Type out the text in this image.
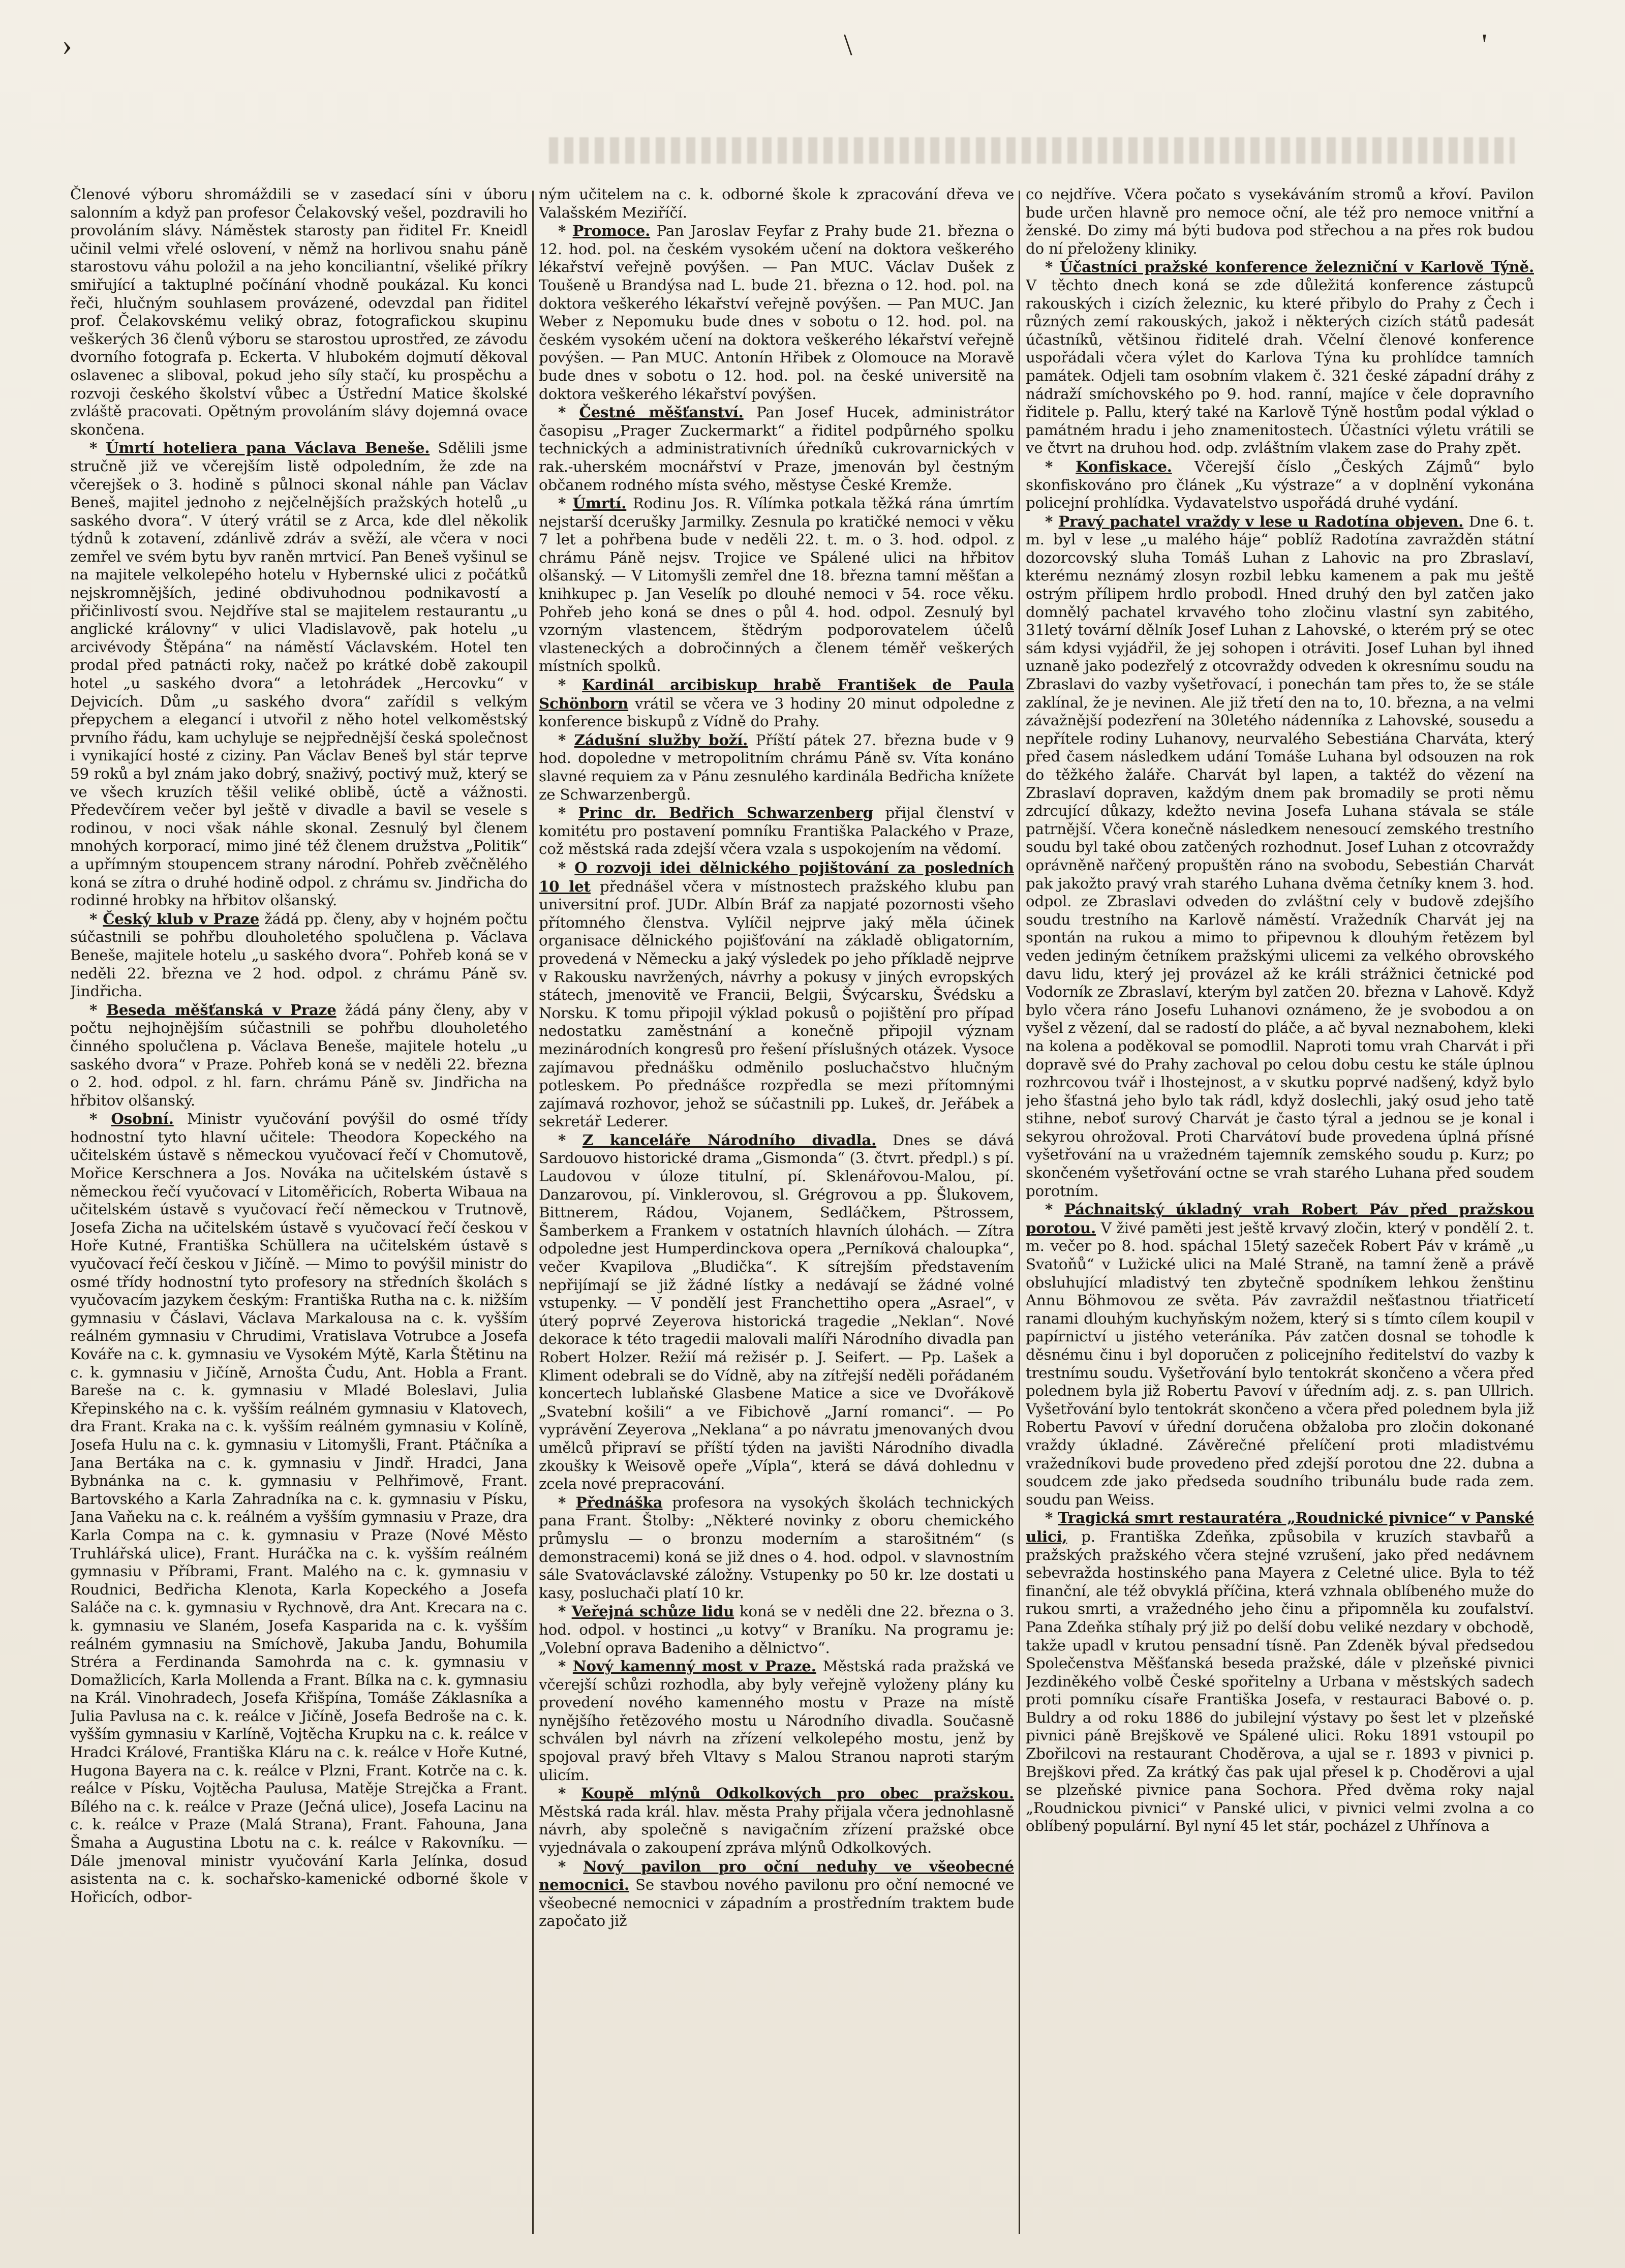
›	\	'

Členové výboru shromáždili se v zasedací síni v úboru salonním a když pan profesor Čelakovský vešel, pozdravili ho provoláním slávy. Náměstek starosty pan řiditel Fr. Kneidl učinil velmi vřelé oslovení, v němž na horlivou snahu páně starostovu váhu položil a na jeho konciliantní, všeliké příkry smiřující a taktuplné počínání vhodně poukázal. Ku konci řeči, hlučným souhlasem provázené, odevzdal pan řiditel prof. Čelakovskému veliký obraz, fotografickou skupinu veškerých 36 členů výboru se starostou uprostřed, ze závodu dvorního fotografa p. Eckerta. V hlubokém dojmutí děkoval oslavenec a sliboval, pokud jeho síly stačí, ku prospěchu a rozvoji českého školství vůbec a Ústřední Matice školské zvláště pracovati. Opětným provoláním slávy dojemná ovace skončena.

* Úmrtí hoteliera pana Václava Beneše. Sdělili jsme stručně již ve včerejším listě odpoledním, že zde na včerejšek o 3. hodině s půlnoci skonal náhle pan Václav Beneš, majitel jednoho z nejčelnějších pražských hotelů „u saského dvora“. V úterý vrátil se z Arca, kde dlel několik týdnů k zotavení, zdánlivě zdráv a svěží, ale včera v noci zemřel ve svém bytu byv raněn mrtvicí. Pan Beneš vyšinul se na majitele velkolepého hotelu v Hybernské ulici z počátků nejskromnějších, jediné obdivuhodnou podnikavostí a přičinlivostí svou. Nejdříve stal se majitelem restaurantu „u anglické královny“ v ulici Vladislavově, pak hotelu „u arcivévody Štěpána“ na náměstí Václavském. Hotel ten prodal před patnácti roky, načež po krátké době zakoupil hotel „u saského dvora“ a letohrádek „Hercovku“ v Dejvicích. Dům „u saského dvora“ zařídil s velkým přepychem a elegancí i utvořil z něho hotel velkoměstský prvního řádu, kam uchyluje se nejpřednější česká společnost i vynikající hosté z ciziny. Pan Václav Beneš byl stár teprve 59 roků a byl znám jako dobrý, snaživý, poctivý muž, který se ve všech kruzích těšil veliké oblibě, úctě a vážnosti. Předevčírem večer byl ještě v divadle a bavil se vesele s rodinou, v noci však náhle skonal. Zesnulý byl členem mnohých korporací, mimo jiné též členem družstva „Politik“ a upřímným stoupencem strany národní. Pohřeb zvěčnělého koná se zítra o druhé hodině odpol. z chrámu sv. Jindřicha do rodinné hrobky na hřbitov olšanský.

* Český klub v Praze žádá pp. členy, aby v hojném počtu súčastnili se pohřbu dlouholetého spolučlena p. Václava Beneše, majitele hotelu „u saského dvora“. Pohřeb koná se v neděli 22. března ve 2 hod. odpol. z chrámu Páně sv. Jindřicha.

* Beseda měšťanská v Praze žádá pány členy, aby v počtu nejhojnějším súčastnili se pohřbu dlouholetého činného spolučlena p. Václava Beneše, majitele hotelu „u saského dvora“ v Praze. Pohřeb koná se v neděli 22. března o 2. hod. odpol. z hl. farn. chrámu Páně sv. Jindřicha na hřbitov olšanský.

* Osobní. Ministr vyučování povýšil do osmé třídy hodnostní tyto hlavní učitele: Theodora Kopeckého na učitelském ústavě s německou vyučovací řečí v Chomutově, Mořice Kerschnera a Jos. Nováka na učitelském ústavě s německou řečí vyučovací v Litoměřicích, Roberta Wibaua na učitelském ústavě s vyučovací řečí německou v Trutnově, Josefa Zicha na učitelském ústavě s vyučovací řečí českou v Hoře Kutné, Františka Schüllera na učitelském ústavě s vyučovací řečí českou v Jičíně. — Mimo to povýšil ministr do osmé třídy hodnostní tyto profesory na středních školách s vyučovacím jazykem českým: Františka Rutha na c. k. nižším gymnasiu v Čáslavi, Václava Markalousa na c. k. vyšším reálném gymnasiu v Chrudimi, Vratislava Votrubce a Josefa Kováře na c. k. gymnasiu ve Vysokém Mýtě, Karla Štětinu na c. k. gymnasiu v Jičíně, Arnošta Čudu, Ant. Hobla a Frant. Bareše na c. k. gymnasiu v Mladé Boleslavi, Julia Křepinského na c. k. vyšším reálném gymnasiu v Klatovech, dra Frant. Kraka na c. k. vyšším reálném gymnasiu v Kolíně, Josefa Hulu na c. k. gymnasiu v Litomyšli, Frant. Ptáčníka a Jana Bertáka na c. k. gymnasiu v Jindř. Hradci, Jana Bybnánka na c. k. gymnasiu v Pelhřimově, Frant. Bartovského a Karla Zahradníka na c. k. gymnasiu v Písku, Jana Vaňeku na c. k. reálném a vyšším gymnasiu v Praze, dra Karla Compa na c. k. gymnasiu v Praze (Nové Město Truhlářská ulice), Frant. Huráčka na c. k. vyšším reálném gymnasiu v Příbrami, Frant. Malého na c. k. gymnasiu v Roudnici, Bedřicha Klenota, Karla Kopeckého a Josefa Saláče na c. k. gymnasiu v Rychnově, dra Ant. Krecara na c. k. gymnasiu ve Slaném, Josefa Kasparida na c. k. vyšším reálném gymnasiu na Smíchově, Jakuba Jandu, Bohumila Stréra a Ferdinanda Samohrda na c. k. gymnasiu v Domažlicích, Karla Mollenda a Frant. Bílka na c. k. gymnasiu na Král. Vinohradech, Josefa Křišpína, Tomáše Záklasníka a Julia Pavlusa na c. k. reálce v Jičíně, Josefa Bedroše na c. k. vyšším gymnasiu v Karlíně, Vojtěcha Krupku na c. k. reálce v Hradci Králové, Františka Kláru na c. k. reálce v Hoře Kutné, Hugona Bayera na c. k. reálce v Plzni, Frant. Kotrče na c. k. reálce v Písku, Vojtěcha Paulusa, Matěje Strejčka a Frant. Bílého na c. k. reálce v Praze (Ječná ulice), Josefa Lacinu na c. k. reálce v Praze (Malá Strana), Frant. Fahouna, Jana Šmaha a Augustina Lbotu na c. k. reálce v Rakovníku. — Dále jmenoval ministr vyučování Karla Jelínka, dosud asistenta na c. k. sochařsko-kamenické odborné škole v Hořicích, odbor-

ným učitelem na c. k. odborné škole k zpracování dřeva ve Valašském Meziříčí.

* Promoce. Pan Jaroslav Feyfar z Prahy bude 21. března o 12. hod. pol. na českém vysokém učení na doktora veškerého lékařství veřejně povýšen. — Pan MUC. Václav Dušek z Toušeně u Brandýsa nad L. bude 21. března o 12. hod. pol. na doktora veškerého lékařství veřejně povýšen. — Pan MUC. Jan Weber z Nepomuku bude dnes v sobotu o 12. hod. pol. na českém vysokém učení na doktora veškerého lékařství veřejně povýšen. — Pan MUC. Antonín Hřibek z Olomouce na Moravě bude dnes v sobotu o 12. hod. pol. na české universitě na doktora veškerého lékařství povýšen.

* Čestné měšťanství. Pan Josef Hucek, administrátor časopisu „Prager Zuckermarkt“ a řiditel podpůrného spolku technických a administrativních úředníků cukrovarnických v rak.-uherském mocnářství v Praze, jmenován byl čestným občanem rodného místa svého, městyse České Kremže.

* Úmrtí. Rodinu Jos. R. Vílímka potkala těžká rána úmrtím nejstarší dcerušky Jarmilky. Zesnula po kratičké nemoci v věku 7 let a pohřbena bude v neděli 22. t. m. o 3. hod. odpol. z chrámu Páně nejsv. Trojice ve Spálené ulici na hřbitov olšanský. — V Litomyšli zemřel dne 18. března tamní měšťan a knihkupec p. Jan Veselík po dlouhé nemoci v 54. roce věku. Pohřeb jeho koná se dnes o půl 4. hod. odpol. Zesnulý byl vzorným vlastencem, štědrým podporovatelem účelů vlasteneckých a dobročinných a členem téměř veškerých místních spolků.

* Kardinál arcibiskup hrabě František de Paula Schönborn vrátil se včera ve 3 hodiny 20 minut odpoledne z konference biskupů z Vídně do Prahy.

* Zádušní služby boží. Příští pátek 27. března bude v 9 hod. dopoledne v metropolitním chrámu Páně sv. Víta konáno slavné requiem za v Pánu zesnulého kardinála Bedřicha knížete ze Schwarzenbergů.

* Princ dr. Bedřich Schwarzenberg přijal členství v komitétu pro postavení pomníku Františka Palackého v Praze, což městská rada zdejší včera vzala s uspokojením na vědomí.

* O rozvoji idei dělnického pojištování za posledních 10 let přednášel včera v místnostech pražského klubu pan universitní prof. JUDr. Albín Bráf za napjaté pozornosti všeho přítomného členstva. Vylíčil nejprve jaký měla účinek organisace dělnického pojišťování na základě obligatorním, provedená v Německu a jaký výsledek po jeho příkladě nejprve v Rakousku navržených, návrhy a pokusy v jiných evropských státech, jmenovitě ve Francii, Belgii, Švýcarsku, Švédsku a Norsku. K tomu připojil výklad pokusů o pojištění pro případ nedostatku zaměstnání a konečně připojil význam mezinárodních kongresů pro řešení příslušných otázek. Vysoce zajímavou přednášku odměnilo posluchačstvo hlučným potleskem. Po přednášce rozpředla se mezi přítomnými zajímavá rozhovor, jehož se súčastnili pp. Lukeš, dr. Jeřábek a sekretář Lederer.

* Z kanceláře Národního divadla. Dnes se dává Sardouovo historické drama „Gismonda“ (3. čtvrt. předpl.) s pí. Laudovou v úloze titulní, pí. Sklenářovou-Malou, pí. Danzarovou, pí. Vinklerovou, sl. Grégrovou a pp. Šlukovem, Bittnerem, Rádou, Vojanem, Sedláčkem, Pštrossem, Šamberkem a Frankem v ostatních hlavních úlohách. — Zítra odpoledne jest Humperdinckova opera „Perníková chaloupka“, večer Kvapilova „Bludička“. K sítrejším představením nepřijímají se již žádné lístky a nedávají se žádné volné vstupenky. — V pondělí jest Franchettiho opera „Asrael“, v úterý poprvé Zeyerova historická tragedie „Neklan“. Nové dekorace k této tragedii malovali malíři Národního divadla pan Robert Holzer. Režií má režisér p. J. Seifert. — Pp. Lašek a Kliment odebrali se do Vídně, aby na zítřejší neděli pořádaném koncertech lublaňské Glasbene Matice a sice ve Dvořákově „Svatební košili“ a ve Fibichově „Jarní romanci“. — Po vyprávění Zeyerova „Neklana“ a po návratu jmenovaných dvou umělců připraví se příští týden na javišti Národního divadla zkoušky k Weisově opeře „Vípla“, která se dává dohlednu v zcela nové prepracování.

* Přednáška profesora na vysokých školách technických pana Frant. Štolby: „Některé novinky z oboru chemického průmyslu — o bronzu moderním a starošitném“ (s demonstracemi) koná se již dnes o 4. hod. odpol. v slavnostním sále Svatováclavské záložny. Vstupenky po 50 kr. lze dostati u kasy, posluchači platí 10 kr.

* Veřejná schůze lidu koná se v neděli dne 22. března o 3. hod. odpol. v hostinci „u kotvy“ v Braníku. Na programu je: „Volební oprava Badeniho a dělnictvo“.

* Nový kamenný most v Praze. Městská rada pražská ve včerejší schůzi rozhodla, aby byly veřejně vyloženy plány ku provedení nového kamenného mostu v Praze na místě nynějšího řetězového mostu u Národního divadla. Současně schválen byl návrh na zřízení velkolepého mostu, jenž by spojoval pravý břeh Vltavy s Malou Stranou naproti starým ulicím.

* Koupě mlýnů Odkolkových pro obec pražskou. Městská rada král. hlav. města Prahy přijala včera jednohlasně návrh, aby společně s navigačním zřízení pražské obce vyjednávala o zakoupení zpráva mlýnů Odkolkových.

* Nový pavilon pro oční neduhy ve všeobecné nemocnici. Se stavbou nového pavilonu pro oční nemocné ve všeobecné nemocnici v západním a prostředním traktem bude započato již

co nejdříve. Včera počato s vysekáváním stromů a křoví. Pavilon bude určen hlavně pro nemoce oční, ale též pro nemoce vnitřní a ženské. Do zimy má býti budova pod střechou a na přes rok budou do ní přeloženy kliniky.

* Účastníci pražské konference železniční v Karlově Týně. V těchto dnech koná se zde důležitá konference zástupců rakouských i cizích železnic, ku které přibylo do Prahy z Čech i různých zemí rakouských, jakož i některých cizích států padesát účastníků, většinou řiditelé drah. Včelní členové konference uspořádali včera výlet do Karlova Týna ku prohlídce tamních památek. Odjeli tam osobním vlakem č. 321 české západní dráhy z nádraží smíchovského po 9. hod. ranní, majíce v čele dopravního řiditele p. Pallu, který také na Karlově Týně hostům podal výklad o památném hradu i jeho znamenitostech. Účastníci výletu vrátili se ve čtvrt na druhou hod. odp. zvláštním vlakem zase do Prahy zpět.

* Konfiskace. Včerejší číslo „Českých Zájmů“ bylo skonfiskováno pro článek „Ku výstraze“ a v doplnění vykonána policejní prohlídka. Vydavatelstvo uspořádá druhé vydání.

* Pravý pachatel vraždy v lese u Radotína objeven. Dne 6. t. m. byl v lese „u malého háje“ poblíž Radotína zavražděn státní dozorcovský sluha Tomáš Luhan z Lahovic na pro Zbraslaví, kterému neznámý zlosyn rozbil lebku kamenem a pak mu ještě ostrým přílipem hrdlo probodl. Hned druhý den byl zatčen jako domnělý pachatel krvavého toho zločinu vlastní syn zabitého, 31letý tovární dělník Josef Luhan z Lahovské, o kterém prý se otec sám kdysi vyjádřil, že jej sohopen i otráviti. Josef Luhan byl ihned uznaně jako podezřelý z otcovraždy odveden k okresnímu soudu na Zbraslavi do vazby vyšetřovací, i ponechán tam přes to, že se stále zaklínal, že je nevinen. Ale již třetí den na to, 10. března, a na velmi závažnější podezření na 30letého nádenníka z Lahovské, sousedu a nepřítele rodiny Luhanovy, neurvalého Sebestiána Charváta, který před časem následkem udání Tomáše Luhana byl odsouzen na rok do těžkého žaláře. Charvát byl lapen, a taktéž do vězení na Zbraslaví dopraven, každým dnem pak bromadily se proti němu zdrcující důkazy, kdežto nevina Josefa Luhana stávala se stále patrnější. Včera konečně následkem nenesoucí zemského trestního soudu byl také obou zatčených rozhodnut. Josef Luhan z otcovraždy oprávněně nařčený propuštěn ráno na svobodu, Sebestián Charvát pak jakožto pravý vrah starého Luhana dvěma četníky knem 3. hod. odpol. ze Zbraslavi odveden do zvláštní cely v budově zdejšího soudu trestního na Karlově náměstí. Vražedník Charvát jej na spontán na rukou a mimo to připevnou k dlouhým řetězem byl veden jediným četníkem pražskými ulicemi za velkého obrovského davu lidu, který jej provázel až ke králi strážnici četnické pod Vodorník ze Zbraslaví, kterým byl zatčen 20. března v Lahově. Když bylo včera ráno Josefu Luhanovi oznámeno, že je svobodou a on vyšel z vězení, dal se radostí do pláče, a ač byval neznabohem, kleki na kolena a poděkoval se pomodlil. Naproti tomu vrah Charvát i při dopravě své do Prahy zachoval po celou dobu cestu ke stále úplnou rozhrcovou tvář i lhostejnost, a v skutku poprvé nadšený, když bylo jeho šťastná jeho bylo tak rádl, když doslechli, jaký osud jeho tatě stihne, neboť surový Charvát je často týral a jednou se je konal i sekyrou ohrožoval. Proti Charvátoví bude provedena úplná přísné vyšetřování na u vražedném tajemník zemského soudu p. Kurz; po skončeném vyšetřování octne se vrah starého Luhana před soudem porotním.

* Páchnaitský úkladný vrah Robert Páv před pražskou porotou. V živé paměti jest ještě krvavý zločin, který v pondělí 2. t. m. večer po 8. hod. spáchal 15letý sazeček Robert Páv v krámě „u Svatoňů“ v Lužické ulici na Malé Straně, na tamní ženě a právě obsluhující mladistvý ten zbytečně spodníkem lehkou ženštinu Annu Böhmovou ze světa. Páv zavraždil nešťastnou třiatřicetí ranami dlouhým kuchyňským nožem, který si s tímto cílem koupil v papírnictví u jistého veteráníka. Páv zatčen dosnal se tohodle k děsnému činu i byl doporučen z policejního ředitelství do vazby k trestnímu soudu. Vyšetřování bylo tentokrát skončeno a včera před polednem byla již Robertu Pavoví v úředním adj. z. s. pan Ullrich. Vyšetřování bylo tentokrát skončeno a včera před polednem byla již Robertu Pavoví v úřední doručena obžaloba pro zločin dokonané vraždy úkladné. Závěrečné přelíčení proti mladistvému vražedníkovi bude provedeno před zdejší porotou dne 22. dubna a soudcem zde jako předseda soudního tribunálu bude rada zem. soudu pan Weiss.

* Tragická smrt restauratéra „Roudnické pivnice“ v Panské ulici, p. Františka Zdeňka, způsobila v kruzích stavbařů a pražských pražského včera stejné vzrušení, jako před nedávnem sebevražda hostinského pana Mayera z Celetné ulice. Byla to též finanční, ale též obvyklá příčina, která vzhnala oblíbeného muže do rukou smrti, a vražedného jeho činu a připomněla ku zoufalství. Pana Zdeňka stíhaly prý již po delší dobu veliké nezdary v obchodě, takže upadl v krutou pensadní tísně. Pan Zdeněk býval předsedou Společenstva Měšťanská beseda pražské, dále v plzeňské pivnici Jezdiněkého volbě České spořitelny a Urbana v městských sadech proti pomníku císaře Františka Josefa, v restauraci Babové o. p. Buldry a od roku 1886 do jubilejní výstavy po šest let v plzeňské pivnici páně Brejškově ve Spálené ulici. Roku 1891 vstoupil po Zbořilcovi na restaurant Choděrova, a ujal se r. 1893 v pivnici p. Brejškovi před. Za krátký čas pak ujal přesel k p. Choděrovi a ujal se plzeňské pivnice pana Sochora. Před dvěma roky najal „Roudnickou pivnici“ v Panské ulici, v pivnici velmi zvolna a co oblíbený populární. Byl nyní 45 let stár, pocházel z Uhřínova a
